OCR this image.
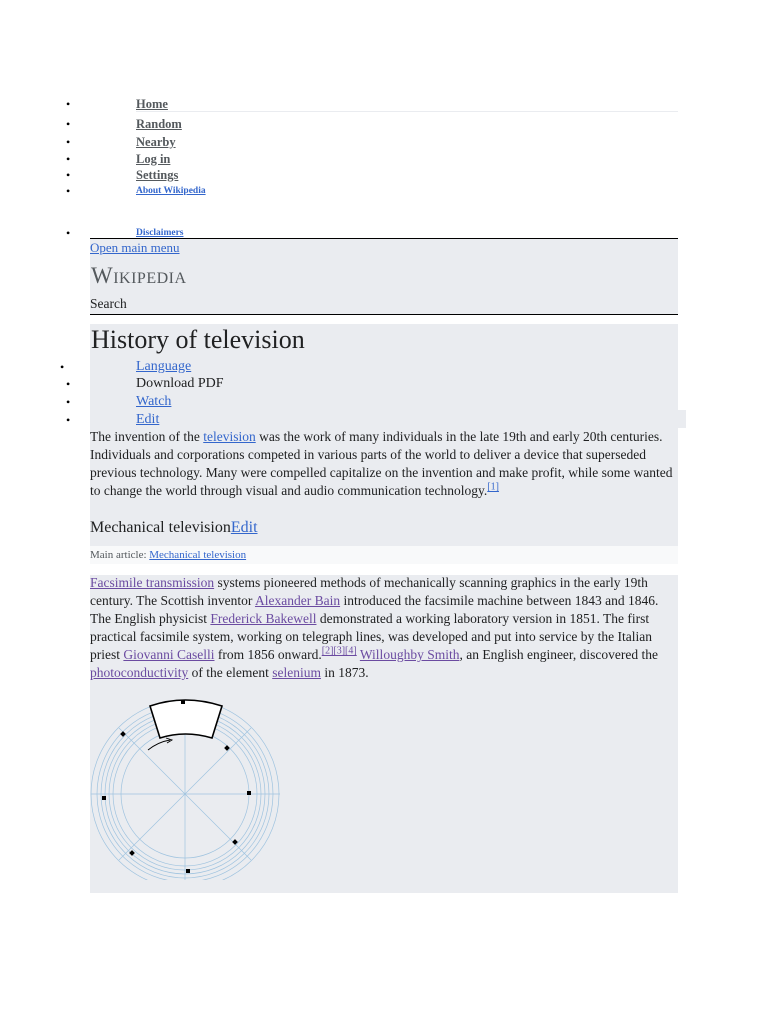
•	Home
•	Random
•	Nearby
•	Log in
•	Settings
•	About Wikipedia
•	Disclaimers
Open main menu
Wikipedia
Search
History of television
•	Language
•	Download PDF
•	Watch
•	Edit

The invention of the television was the work of many individuals in the late 19th and early 20th centuries. Individuals and corporations competed in various parts of the world to deliver a device that superseded previous technology. Many were compelled capitalize on the invention and make profit, while some wanted to change the world through visual and audio communication technology.[1]

Mechanical televisionEdit
Main article: Mechanical television

Facsimile transmission systems pioneered methods of mechanically scanning graphics in the early 19th century. The Scottish inventor Alexander Bain introduced the facsimile machine between 1843 and 1846. The English physicist Frederick Bakewell demonstrated a working laboratory version in 1851. The first practical facsimile system, working on telegraph lines, was developed and put into service by the Italian priest Giovanni Caselli from 1856 onward.[2][3][4] Willoughby Smith, an English engineer, discovered the photoconductivity of the element selenium in 1873.
